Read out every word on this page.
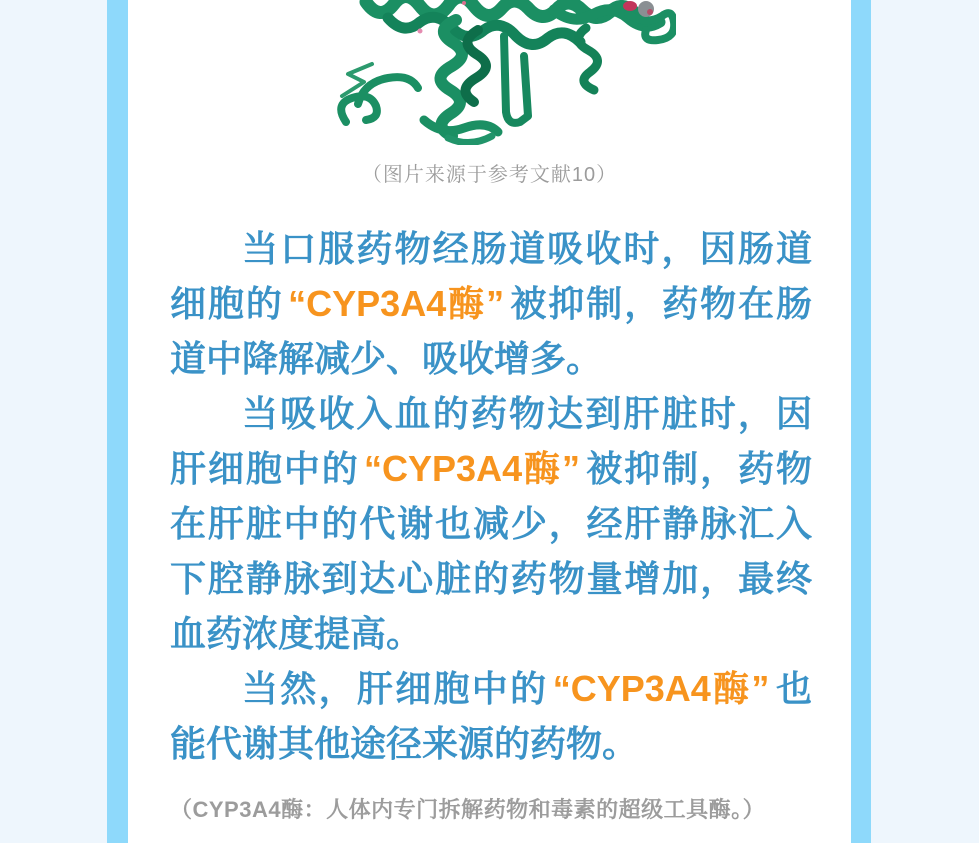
（图片来源于参考文献10）

当口服药物经肠道吸收时，因肠道细胞的 “CYP3A4酶” 被抑制，药物在肠道中降解减少、吸收增多。

当吸收入血的药物达到肝脏时，因肝细胞中的 “CYP3A4酶” 被抑制，药物在肝脏中的代谢也减少，经肝静脉汇入下腔静脉到达心脏的药物量增加，最终血药浓度提高。

当然，肝细胞中的 “CYP3A4酶” 也能代谢其他途径来源的药物。

（CYP3A4酶：人体内专门拆解药物和毒素的超级工具酶。）
